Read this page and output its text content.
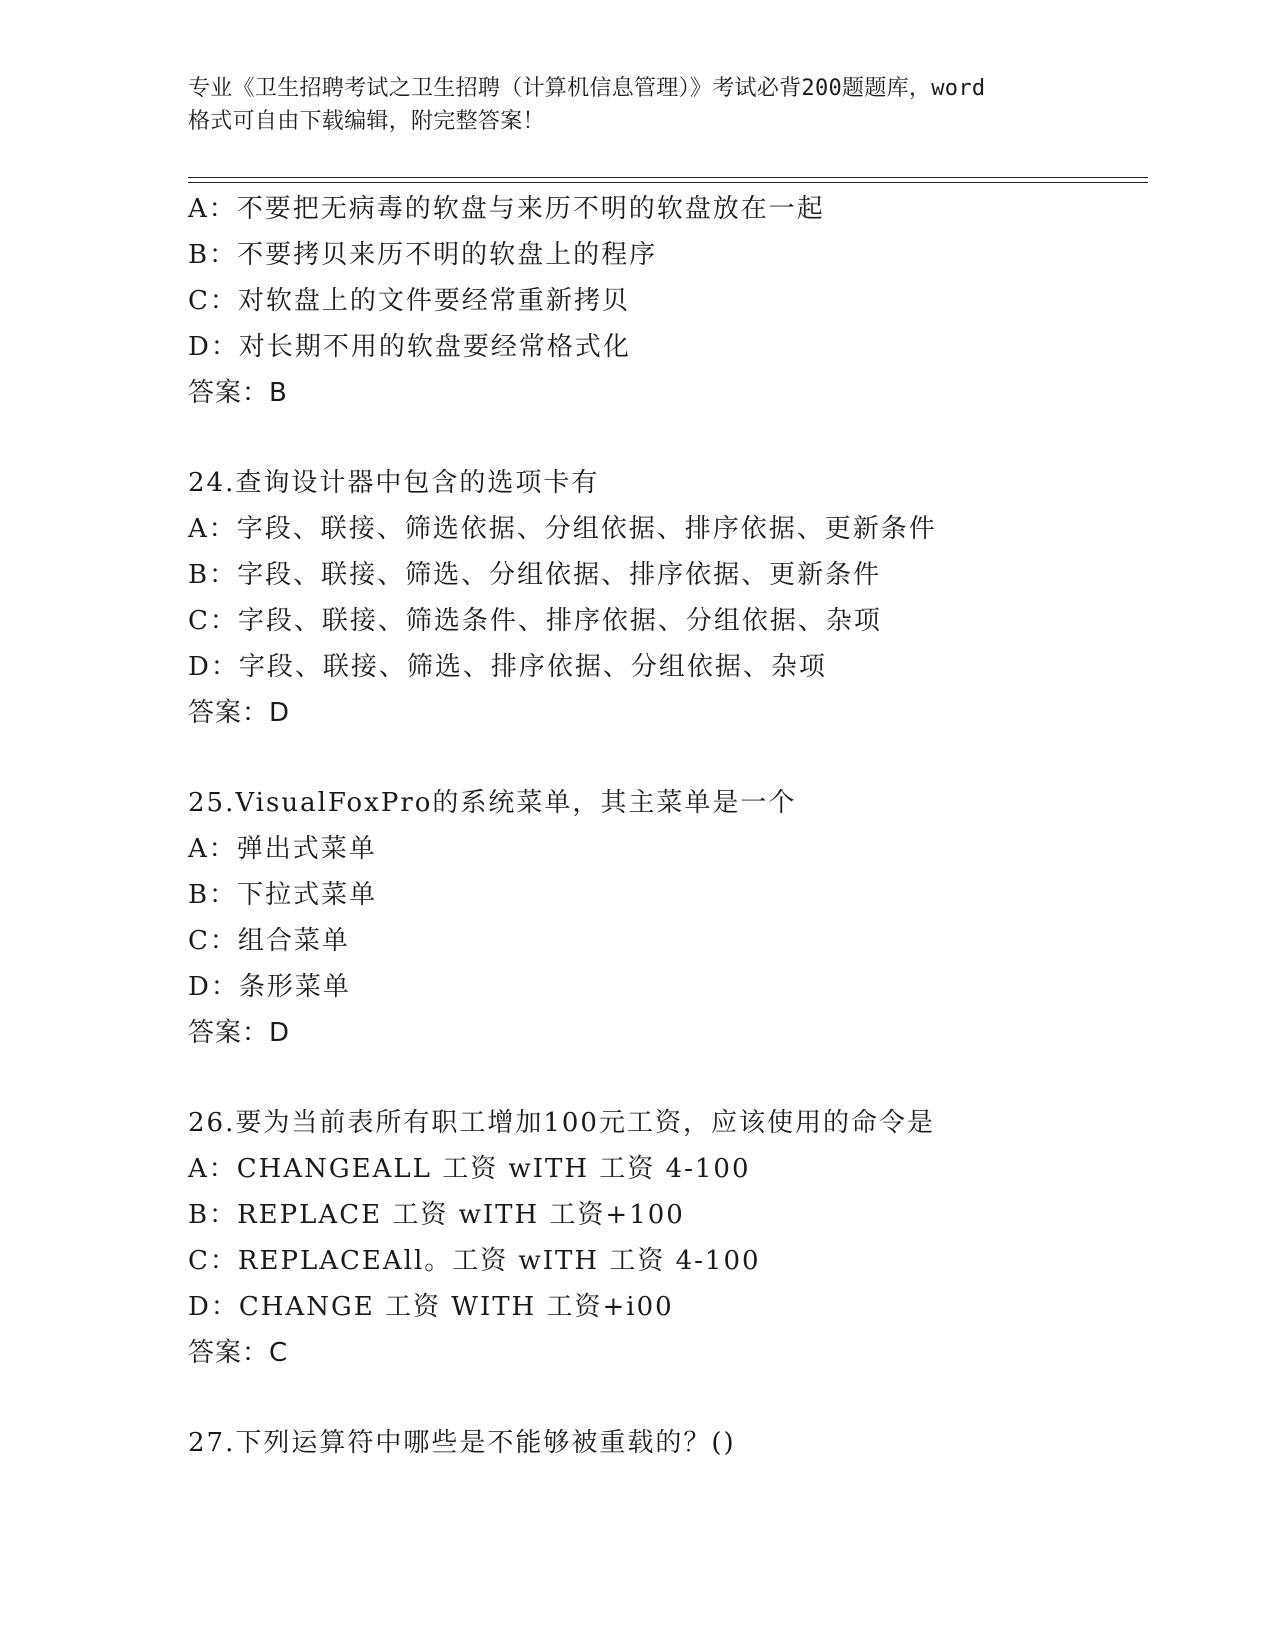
专业《卫生招聘考试之卫生招聘（计算机信息管理）》考试必背200题题库，word
格式可自由下载编辑，附完整答案！
A：不要把无病毒的软盘与来历不明的软盘放在一起
B：不要拷贝来历不明的软盘上的程序
C：对软盘上的文件要经常重新拷贝
D：对长期不用的软盘要经常格式化
答案：B
24.查询设计器中包含的选项卡有
A：字段、联接、筛选依据、分组依据、排序依据、更新条件
B：字段、联接、筛选、分组依据、排序依据、更新条件
C：字段、联接、筛选条件、排序依据、分组依据、杂项
D：字段、联接、筛选、排序依据、分组依据、杂项
答案：D
25.VisualFoxPro的系统菜单，其主菜单是一个
A：弹出式菜单
B：下拉式菜单
C：组合菜单
D：条形菜单
答案：D
26.要为当前表所有职工增加100元工资，应该使用的命令是
A：CHANGEALL 工资 wITH 工资 4-100
B：REPLACE 工资 wITH 工资+100
C：REPLACEAll。工资 wITH 工资 4-100
D：CHANGE 工资 WITH 工资+i00
答案：C
27.下列运算符中哪些是不能够被重载的？()
